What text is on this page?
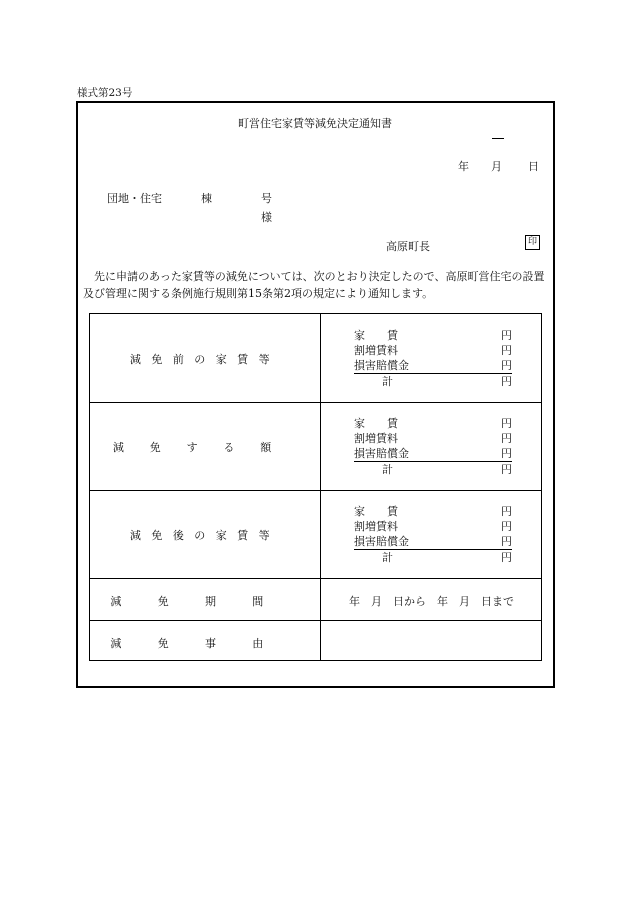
様式第23号
町営住宅家賃等減免決定通知書
年 月 日
団地・住宅	棟	号
様
高原町長	印
先に申請のあった家賃等の減免については、次のとおり決定したので、高原町営住宅の設置及び管理に関する条例施行規則第15条第2項の規定により通知します。
減免前の家賃等
家　　賃	円
割増賃料	円
損害賠償金	円
計	円
減免する額
家　　賃	円
割増賃料	円
損害賠償金	円
計	円
減免後の家賃等
家　　賃	円
割増賃料	円
損害賠償金	円
計	円
減免期間	年　月　日から　年　月　日まで
減免事由
